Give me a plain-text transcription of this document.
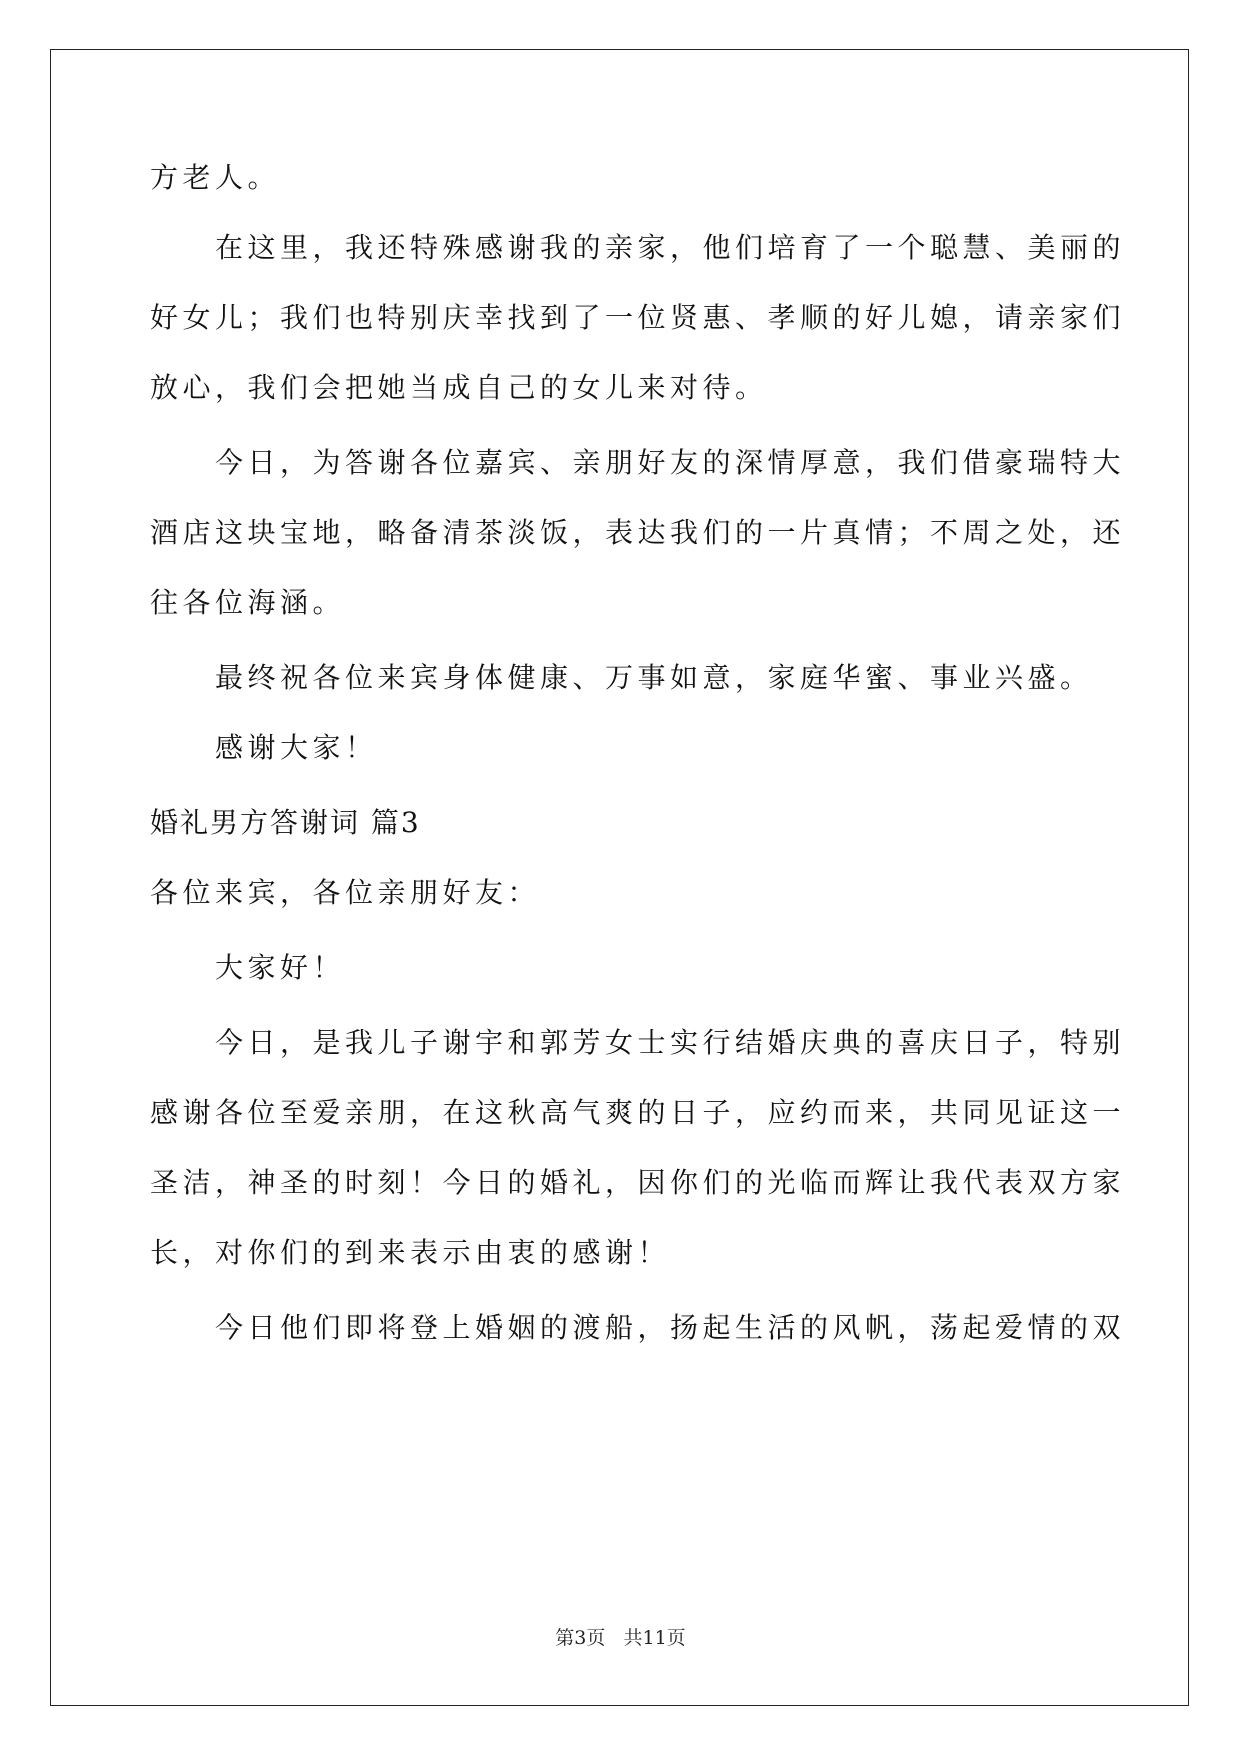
方老人。

在这里，我还特殊感谢我的亲家，他们培育了一个聪慧、美丽的

好女儿；我们也特别庆幸找到了一位贤惠、孝顺的好儿媳，请亲家们

放心，我们会把她当成自己的女儿来对待。

今日，为答谢各位嘉宾、亲朋好友的深情厚意，我们借豪瑞特大

酒店这块宝地，略备清茶淡饭，表达我们的一片真情；不周之处，还

往各位海涵。

最终祝各位来宾身体健康、万事如意，家庭华蜜、事业兴盛。

感谢大家！

婚礼男方答谢词 篇3

各位来宾，各位亲朋好友：

大家好！

今日，是我儿子谢宇和郭芳女士实行结婚庆典的喜庆日子，特别

感谢各位至爱亲朋，在这秋高气爽的日子，应约而来，共同见证这一

圣洁，神圣的时刻！今日的婚礼，因你们的光临而辉让我代表双方家

长，对你们的到来表示由衷的感谢！

今日他们即将登上婚姻的渡船，扬起生活的风帆，荡起爱情的双

第3页   共11页
